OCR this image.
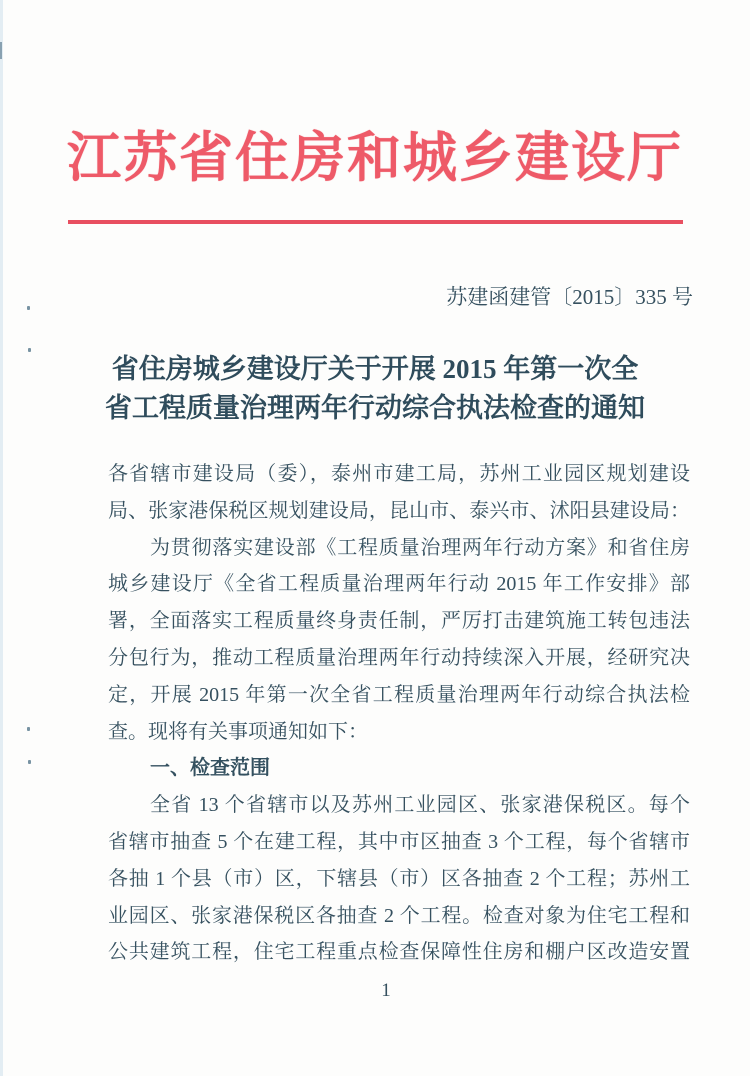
江苏省住房和城乡建设厅
苏建函建管〔2015〕335 号
省住房城乡建设厅关于开展 2015 年第一次全
省工程质量治理两年行动综合执法检查的通知
各省辖市建设局（委），泰州市建工局，苏州工业园区规划建设
局、张家港保税区规划建设局，昆山市、泰兴市、沭阳县建设局：
为贯彻落实建设部《工程质量治理两年行动方案》和省住房
城乡建设厅《全省工程质量治理两年行动 2015 年工作安排》部
署，全面落实工程质量终身责任制，严厉打击建筑施工转包违法
分包行为，推动工程质量治理两年行动持续深入开展，经研究决
定，开展 2015 年第一次全省工程质量治理两年行动综合执法检
查。现将有关事项通知如下：
一、检查范围
全省 13 个省辖市以及苏州工业园区、张家港保税区。每个
省辖市抽查 5 个在建工程，其中市区抽查 3 个工程，每个省辖市
各抽 1 个县（市）区，下辖县（市）区各抽查 2 个工程；苏州工
业园区、张家港保税区各抽查 2 个工程。检查对象为住宅工程和
公共建筑工程，住宅工程重点检查保障性住房和棚户区改造安置
1
